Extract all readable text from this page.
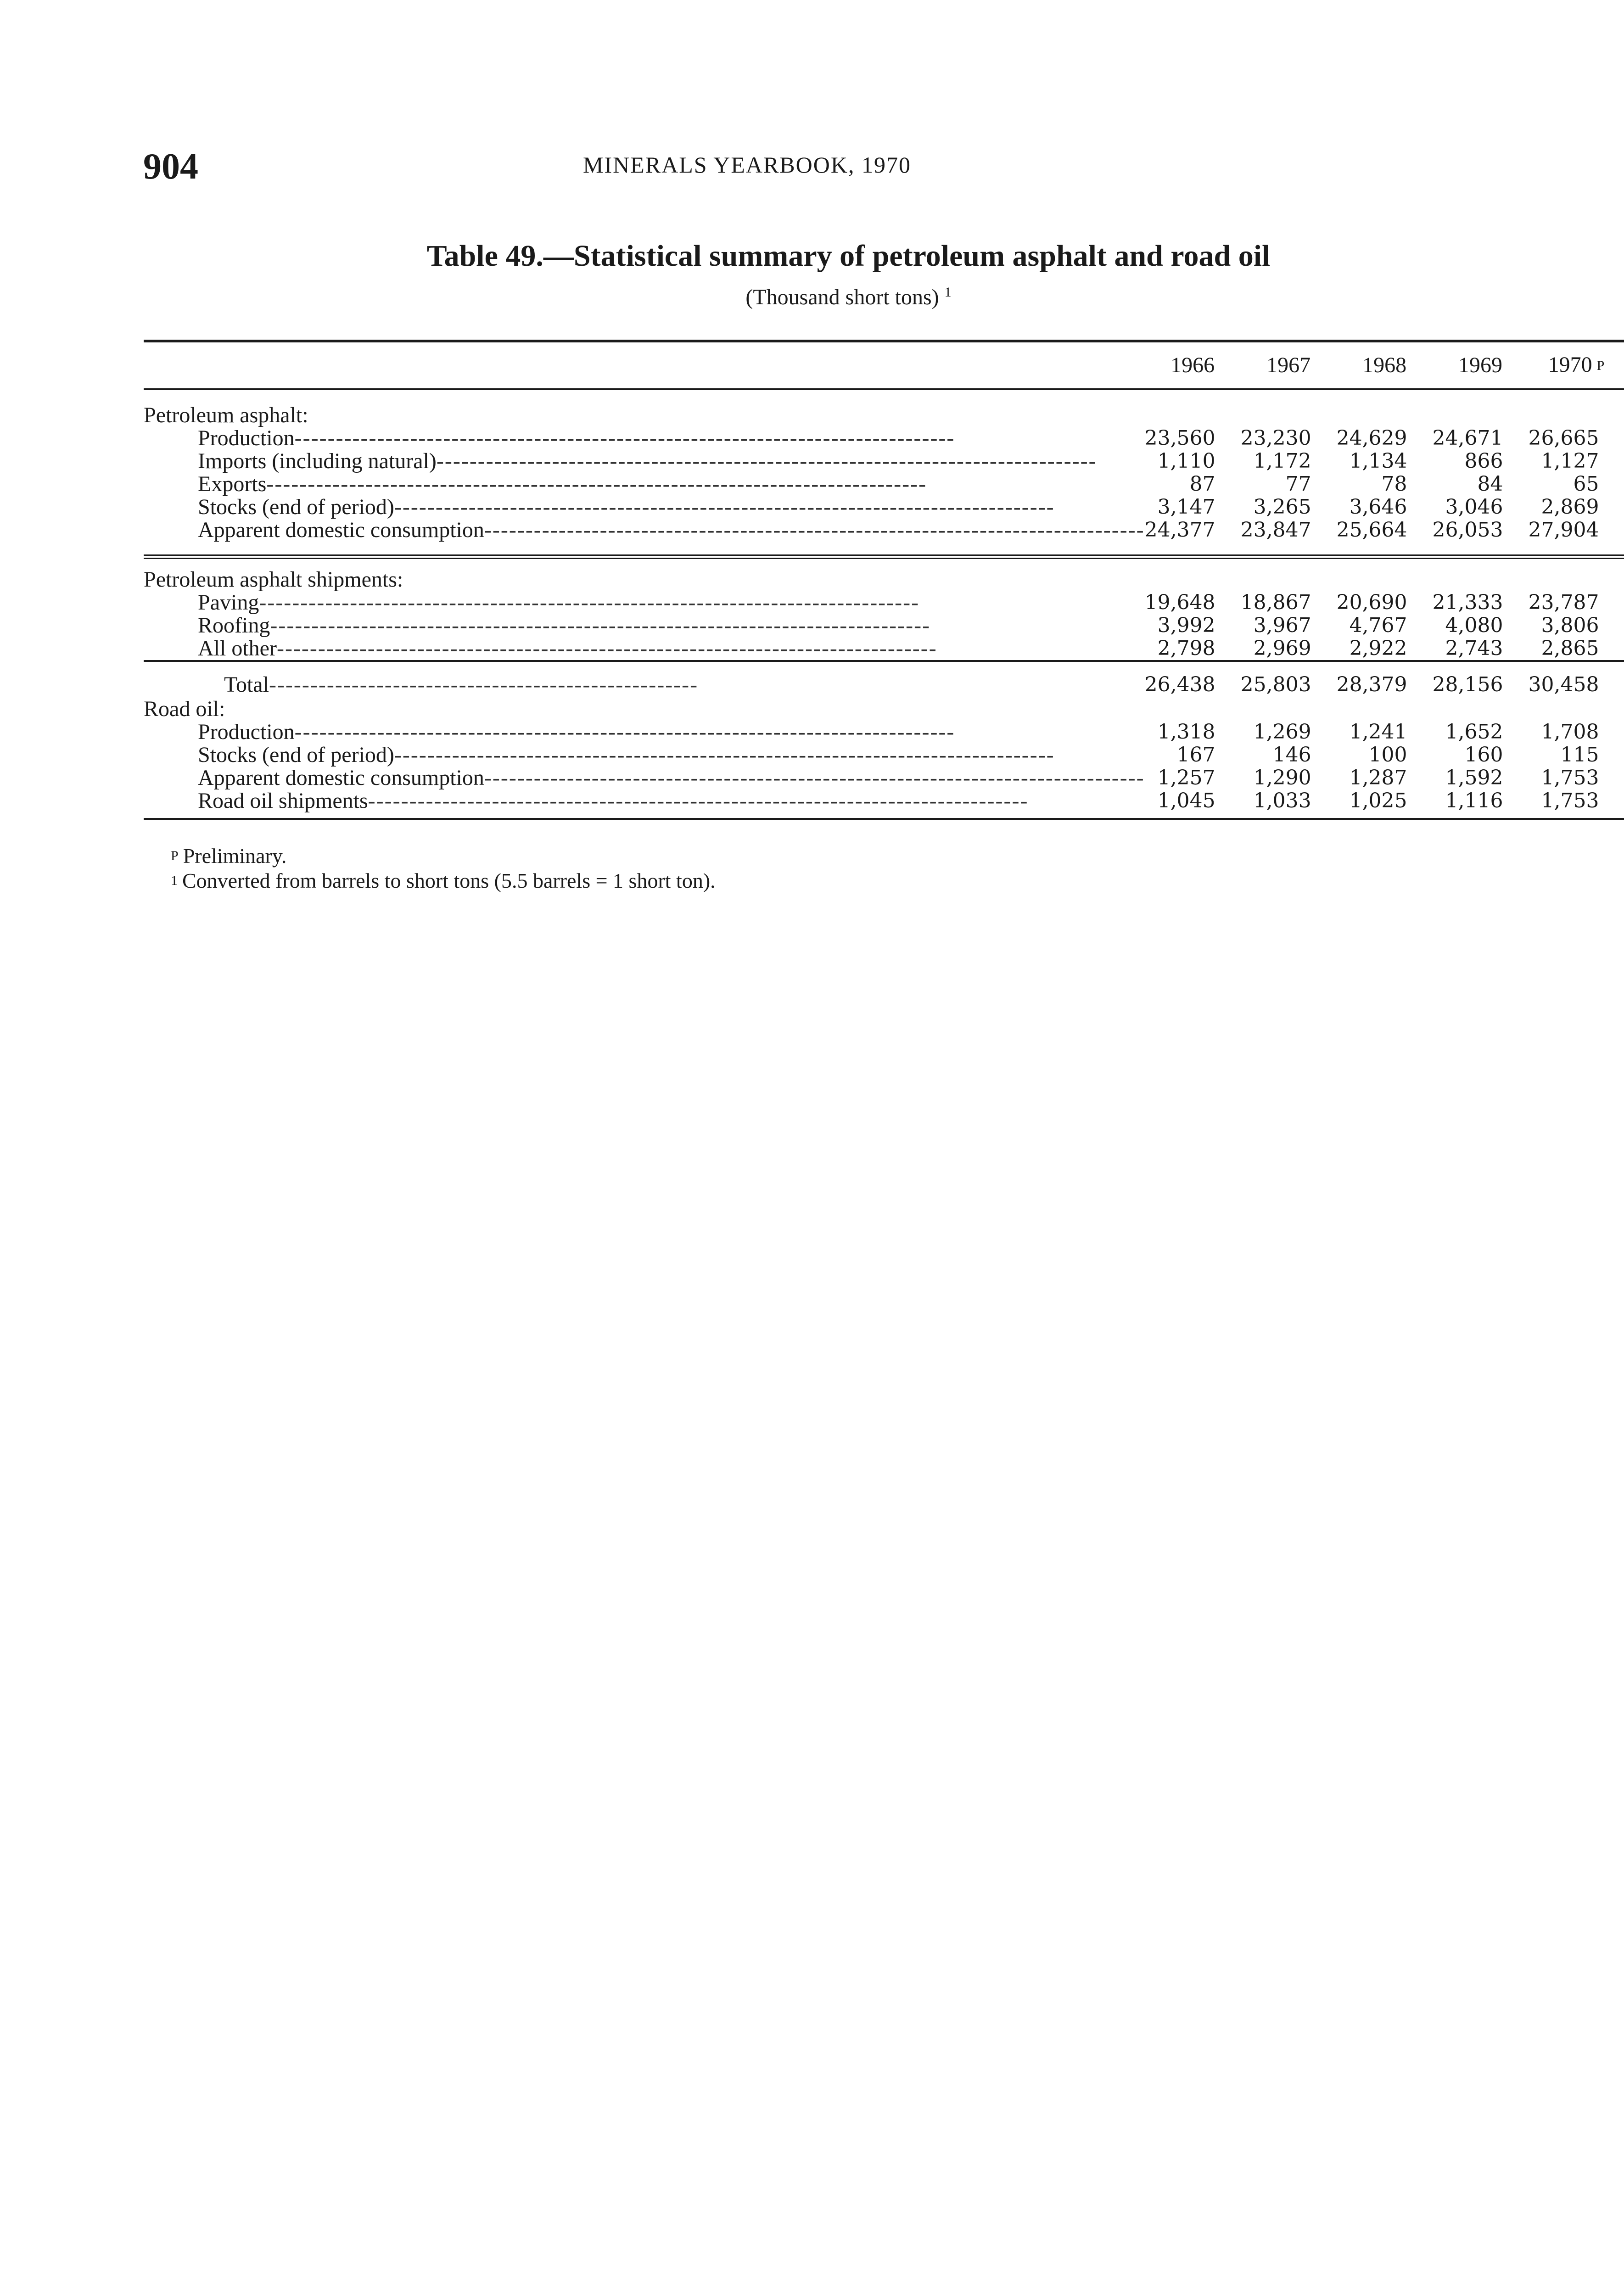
904	MINERALS YEARBOOK, 1970
Table 49.—Statistical summary of petroleum asphalt and road oil
(Thousand short tons) $^1$
	1966	1967	1968	1969	1970 P

Petroleum asphalt:					
Production--------------------------------------------------------------------------------	23,560	23,230	24,629	24,671	26,665
Imports (including natural)--------------------------------------------------------------------------------	1,110	1,172	1,134	866	1,127
Exports--------------------------------------------------------------------------------	87	77	78	84	65
Stocks (end of period)--------------------------------------------------------------------------------	3,147	3,265	3,646	3,046	2,869
Apparent domestic consumption--------------------------------------------------------------------------------	24,377	23,847	25,664	26,053	27,904

Petroleum asphalt shipments:					
Paving--------------------------------------------------------------------------------	19,648	18,867	20,690	21,333	23,787
Roofing--------------------------------------------------------------------------------	3,992	3,967	4,767	4,080	3,806
All other--------------------------------------------------------------------------------	2,798	2,969	2,922	2,743	2,865
Total----------------------------------------------------	26,438	25,803	28,379	28,156	30,458
Road oil:					
Production--------------------------------------------------------------------------------	1,318	1,269	1,241	1,652	1,708
Stocks (end of period)--------------------------------------------------------------------------------	167	146	100	160	115
Apparent domestic consumption--------------------------------------------------------------------------------	1,257	1,290	1,287	1,592	1,753
Road oil shipments--------------------------------------------------------------------------------	1,045	1,033	1,025	1,116	1,753
P Preliminary.
1 Converted from barrels to short tons (5.5 barrels = 1 short ton).
